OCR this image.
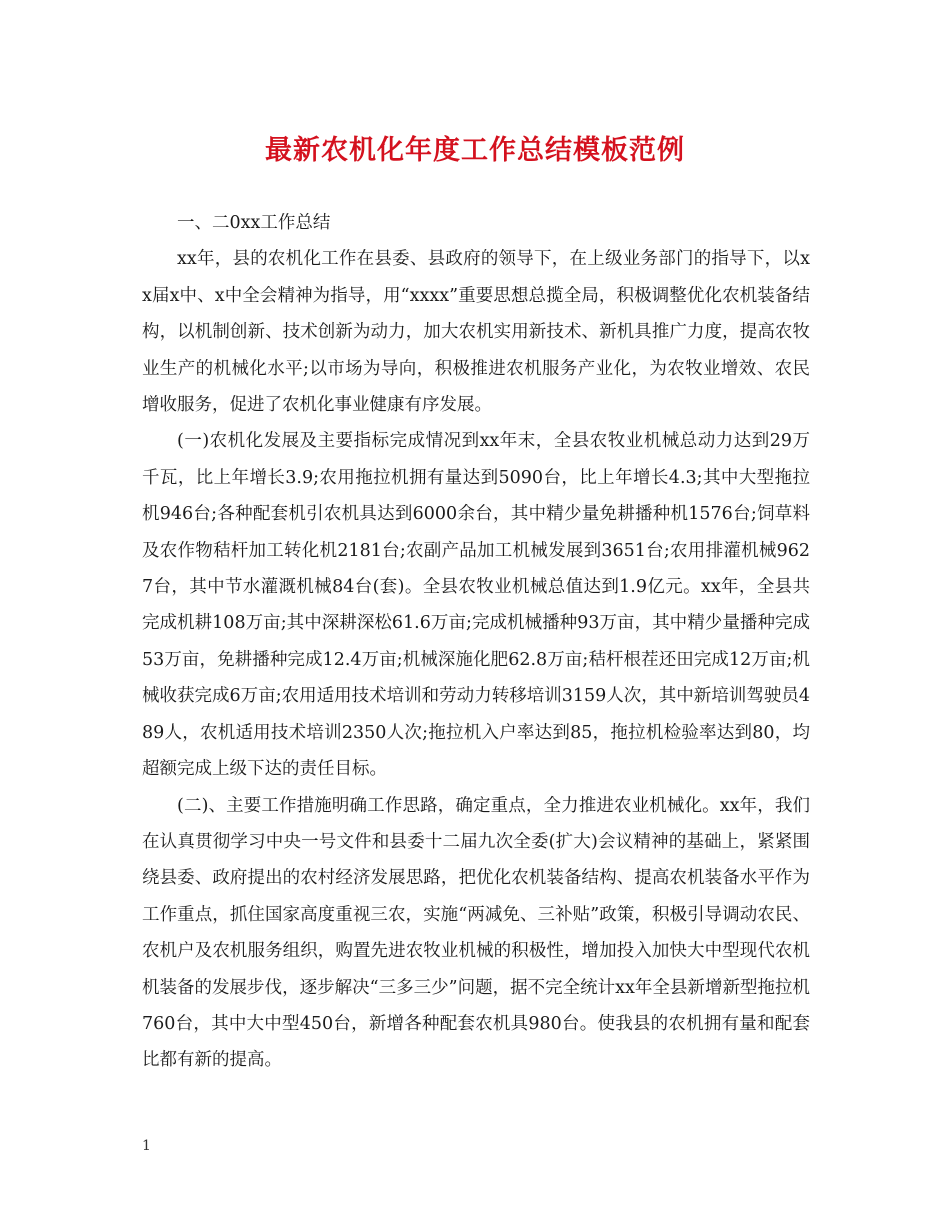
最新农机化年度工作总结模板范例

一、二0xx工作总结

xx年，县的农机化工作在县委、县政府的领导下，在上级业务部门的指导下，以xx届x中、x中全会精神为指导，用“xxxx”重要思想总揽全局，积极调整优化农机装备结构，以机制创新、技术创新为动力，加大农机实用新技术、新机具推广力度，提高农牧业生产的机械化水平;以市场为导向，积极推进农机服务产业化，为农牧业增效、农民增收服务，促进了农机化事业健康有序发展。

(一)农机化发展及主要指标完成情况到xx年末，全县农牧业机械总动力达到29万千瓦，比上年增长3.9;农用拖拉机拥有量达到5090台，比上年增长4.3;其中大型拖拉机946台;各种配套机引农机具达到6000余台，其中精少量免耕播种机1576台;饲草料及农作物秸杆加工转化机2181台;农副产品加工机械发展到3651台;农用排灌机械9627台，其中节水灌溉机械84台(套)。全县农牧业机械总值达到1.9亿元。xx年，全县共完成机耕108万亩;其中深耕深松61.6万亩;完成机械播种93万亩，其中精少量播种完成53万亩，免耕播种完成12.4万亩;机械深施化肥62.8万亩;秸杆根茬还田完成12万亩;机械收获完成6万亩;农用适用技术培训和劳动力转移培训3159人次，其中新培训驾驶员489人，农机适用技术培训2350人次;拖拉机入户率达到85，拖拉机检验率达到80，均超额完成上级下达的责任目标。

(二)、主要工作措施明确工作思路，确定重点，全力推进农业机械化。xx年，我们在认真贯彻学习中央一号文件和县委十二届九次全委(扩大)会议精神的基础上，紧紧围绕县委、政府提出的农村经济发展思路，把优化农机装备结构、提高农机装备水平作为工作重点，抓住国家高度重视三农，实施“两减免、三补贴”政策，积极引导调动农民、农机户及农机服务组织，购置先进农牧业机械的积极性，增加投入加快大中型现代农机机装备的发展步伐，逐步解决“三多三少”问题，据不完全统计xx年全县新增新型拖拉机760台，其中大中型450台，新增各种配套农机具980台。使我县的农机拥有量和配套比都有新的提高。

1
